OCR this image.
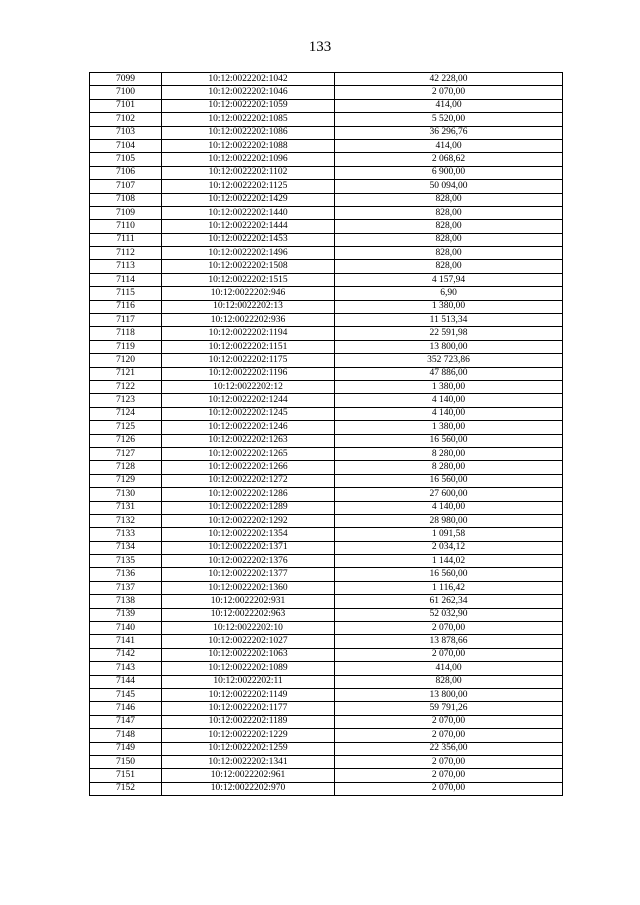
133
7099	10:12:0022202:1042	42 228,00
7100	10:12:0022202:1046	2 070,00
7101	10:12:0022202:1059	414,00
7102	10:12:0022202:1085	5 520,00
7103	10:12:0022202:1086	36 296,76
7104	10:12:0022202:1088	414,00
7105	10:12:0022202:1096	2 068,62
7106	10:12:0022202:1102	6 900,00
7107	10:12:0022202:1125	50 094,00
7108	10:12:0022202:1429	828,00
7109	10:12:0022202:1440	828,00
7110	10:12:0022202:1444	828,00
7111	10:12:0022202:1453	828,00
7112	10:12:0022202:1496	828,00
7113	10:12:0022202:1508	828,00
7114	10:12:0022202:1515	4 157,94
7115	10:12:0022202:946	6,90
7116	10:12:0022202:13	1 380,00
7117	10:12:0022202:936	11 513,34
7118	10:12:0022202:1194	22 591,98
7119	10:12:0022202:1151	13 800,00
7120	10:12:0022202:1175	352 723,86
7121	10:12:0022202:1196	47 886,00
7122	10:12:0022202:12	1 380,00
7123	10:12:0022202:1244	4 140,00
7124	10:12:0022202:1245	4 140,00
7125	10:12:0022202:1246	1 380,00
7126	10:12:0022202:1263	16 560,00
7127	10:12:0022202:1265	8 280,00
7128	10:12:0022202:1266	8 280,00
7129	10:12:0022202:1272	16 560,00
7130	10:12:0022202:1286	27 600,00
7131	10:12:0022202:1289	4 140,00
7132	10:12:0022202:1292	28 980,00
7133	10:12:0022202:1354	1 091,58
7134	10:12:0022202:1371	2 034,12
7135	10:12:0022202:1376	1 144,02
7136	10:12:0022202:1377	16 560,00
7137	10:12:0022202:1360	1 116,42
7138	10:12:0022202:931	61 262,34
7139	10:12:0022202:963	52 032,90
7140	10:12:0022202:10	2 070,00
7141	10:12:0022202:1027	13 878,66
7142	10:12:0022202:1063	2 070,00
7143	10:12:0022202:1089	414,00
7144	10:12:0022202:11	828,00
7145	10:12:0022202:1149	13 800,00
7146	10:12:0022202:1177	59 791,26
7147	10:12:0022202:1189	2 070,00
7148	10:12:0022202:1229	2 070,00
7149	10:12:0022202:1259	22 356,00
7150	10:12:0022202:1341	2 070,00
7151	10:12:0022202:961	2 070,00
7152	10:12:0022202:970	2 070,00
